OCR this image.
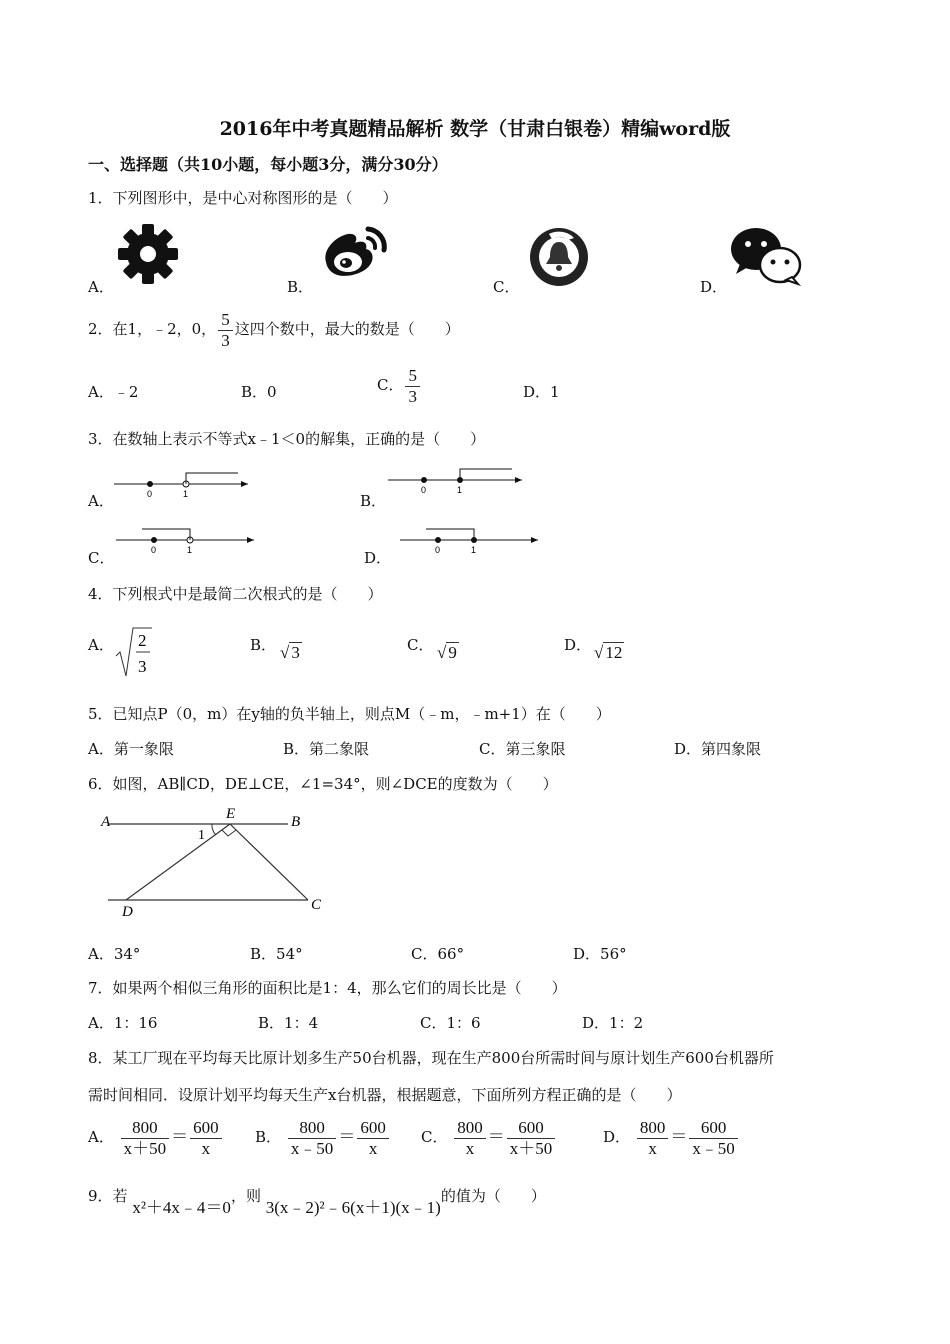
2016年中考真题精品解析 数学（甘肃白银卷）精编word版
一、选择题（共10小题，每小题3分，满分30分）
1．下列图形中，是中心对称图形的是（　　）
A．	B．	C．	D．
2．在1，﹣2，0， $\frac{5}{3}$ 这四个数中，最大的数是（　　）
A．﹣2	B．0	C． $\frac{5}{3}$	D．1
3．在数轴上表示不等式x﹣1＜0的解集，正确的是（　　）
A．	B．
C．	D．
0	1	0	1
0	1	0	1
4．下列根式中是最简二次根式的是（　　）
A． 2
3
B． √ 3	C． √ 9	D． √ 12
5．已知点P（0，m）在y轴的负半轴上，则点M（﹣m，﹣m+1）在（　　）
A．第一象限	B．第二象限	C．第三象限	D．第四象限
6．如图，AB∥CD，DE⊥CE，∠1=34°，则∠DCE的度数为（　　）
A	B
C
D
E
1
A．34°	B．54°	C．66°	D．56°
7．如果两个相似三角形的面积比是1：4，那么它们的周长比是（　　）
A．1：16	B．1：4	C．1：6	D．1：2
8．某工厂现在平均每天比原计划多生产50台机器，现在生产800台所需时间与原计划生产600台机器所
需时间相同．设原计划平均每天生产x台机器，根据题意，下面所列方程正确的是（　　）
A． $\frac{800}{x+50} = \frac{600}{x}$ B． $\frac{800}{x﹣50} = \frac{600}{x}$ C． $\frac{800}{x} = \frac{600}{x+50}$	D． $\frac{800}{x} = \frac{600}{x﹣50}$
9．若 x²＋4x﹣4＝0，则 3(x﹣2)²﹣6(x＋1)(x﹣1)的值为（　　）
